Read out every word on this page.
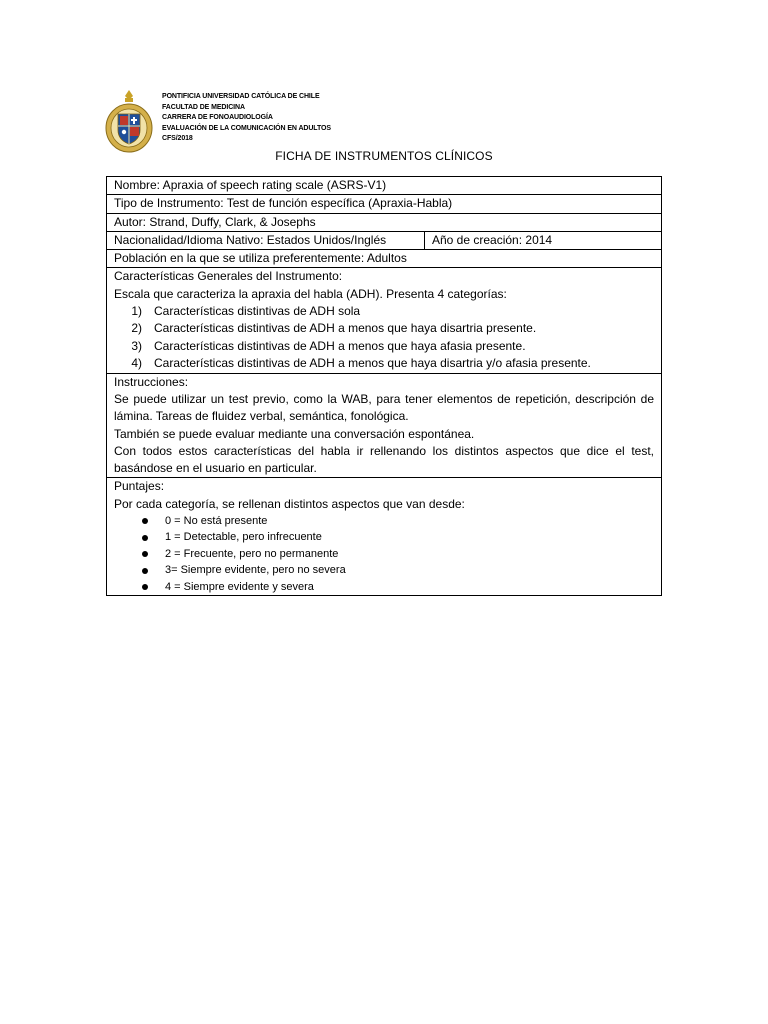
PONTIFICIA UNIVERSIDAD CATÓLICA DE CHILE
FACULTAD DE MEDICINA
CARRERA DE FONOAUDIOLOGÍA
EVALUACIÓN DE LA COMUNICACIÓN EN ADULTOS
CFS/2018
FICHA DE INSTRUMENTOS CLÍNICOS
Nombre: Apraxia of speech rating scale (ASRS-V1)
Tipo de Instrumento: Test de función específica (Apraxia-Habla)
Autor: Strand, Duffy, Clark, & Josephs
Nacionalidad/Idioma Nativo: Estados Unidos/Inglés	Año de creación: 2014
Población en la que se utiliza preferentemente: Adultos

Características Generales del Instrumento:
Escala que caracteriza la apraxia del habla (ADH). Presenta 4 categorías:
1) Características distintivas de ADH sola
2) Características distintivas de ADH a menos que haya disartria presente.
3) Características distintivas de ADH a menos que haya afasia presente.
4) Características distintivas de ADH a menos que haya disartria y/o afasia presente.

Instrucciones:
Se puede utilizar un test previo, como la WAB, para tener elementos de repetición, descripción de lámina. Tareas de fluidez verbal, semántica, fonológica.
También se puede evaluar mediante una conversación espontánea.
Con todos estos características del habla ir rellenando los distintos aspectos que dice el test, basándose en el usuario en particular.

Puntajes:
Por cada categoría, se rellenan distintos aspectos que van desde:
0 = No está presente
1 = Detectable, pero infrecuente
2 = Frecuente, pero no permanente
3= Siempre evidente, pero no severa
4 = Siempre evidente y severa
